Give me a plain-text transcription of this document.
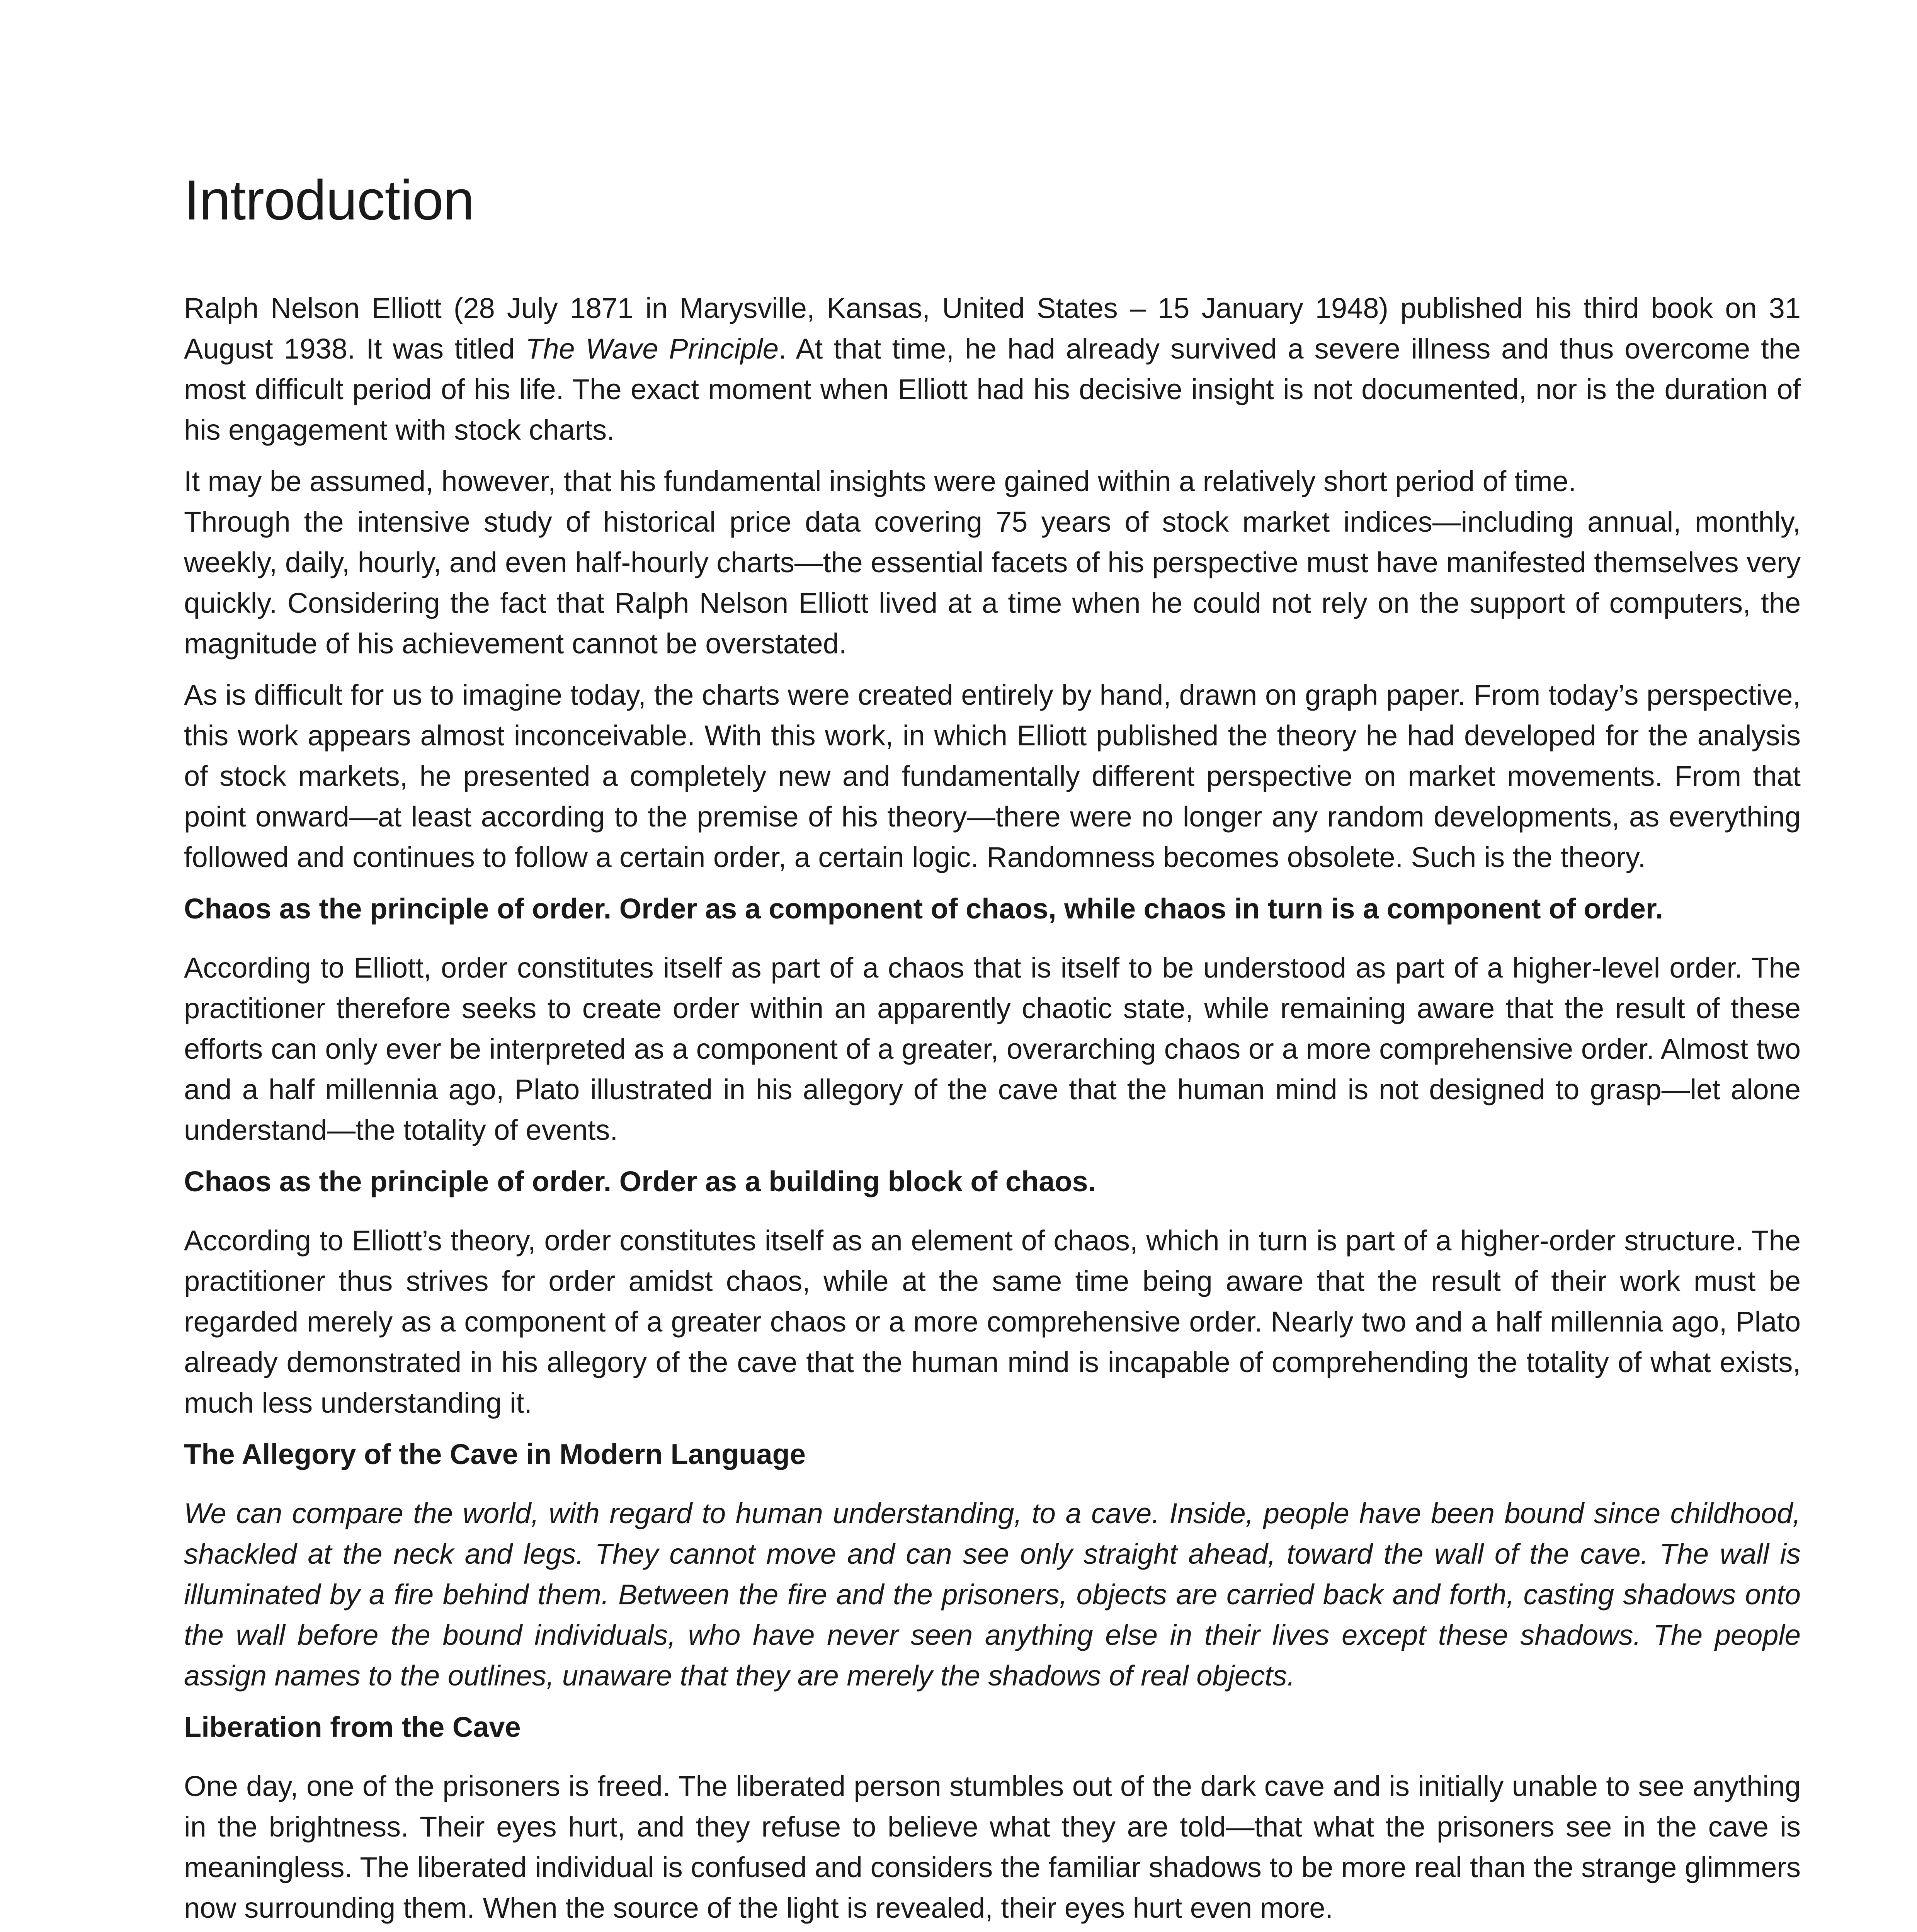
Introduction

Ralph Nelson Elliott (28 July 1871 in Marysville, Kansas, United States – 15 January 1948) published his third book on 31 August 1938. It was titled The Wave Principle. At that time, he had already survived a severe illness and thus overcome the most difficult period of his life. The exact moment when Elliott had his decisive insight is not documented, nor is the duration of his engagement with stock charts.

It may be assumed, however, that his fundamental insights were gained within a relatively short period of time.
Through the intensive study of historical price data covering 75 years of stock market indices—including annual, monthly, weekly, daily, hourly, and even half-hourly charts—the essential facets of his perspective must have manifested themselves very quickly. Considering the fact that Ralph Nelson Elliott lived at a time when he could not rely on the support of computers, the magnitude of his achievement cannot be overstated.

As is difficult for us to imagine today, the charts were created entirely by hand, drawn on graph paper. From today’s perspective, this work appears almost inconceivable. With this work, in which Elliott published the theory he had developed for the analysis of stock markets, he presented a completely new and fundamentally different perspective on market movements. From that point onward—at least according to the premise of his theory—there were no longer any random developments, as everything followed and continues to follow a certain order, a certain logic. Randomness becomes obsolete. Such is the theory.

Chaos as the principle of order. Order as a component of chaos, while chaos in turn is a component of order.

According to Elliott, order constitutes itself as part of a chaos that is itself to be understood as part of a higher-level order. The practitioner therefore seeks to create order within an apparently chaotic state, while remaining aware that the result of these efforts can only ever be interpreted as a component of a greater, overarching chaos or a more comprehensive order. Almost two and a half millennia ago, Plato illustrated in his allegory of the cave that the human mind is not designed to grasp—let alone understand—the totality of events.

Chaos as the principle of order. Order as a building block of chaos.

According to Elliott’s theory, order constitutes itself as an element of chaos, which in turn is part of a higher-order structure. The practitioner thus strives for order amidst chaos, while at the same time being aware that the result of their work must be regarded merely as a component of a greater chaos or a more comprehensive order. Nearly two and a half millennia ago, Plato already demonstrated in his allegory of the cave that the human mind is incapable of comprehending the totality of what exists, much less understanding it.

The Allegory of the Cave in Modern Language

We can compare the world, with regard to human understanding, to a cave. Inside, people have been bound since childhood, shackled at the neck and legs. They cannot move and can see only straight ahead, toward the wall of the cave. The wall is illuminated by a fire behind them. Between the fire and the prisoners, objects are carried back and forth, casting shadows onto the wall before the bound individuals, who have never seen anything else in their lives except these shadows. The people assign names to the outlines, unaware that they are merely the shadows of real objects.

Liberation from the Cave

One day, one of the prisoners is freed. The liberated person stumbles out of the dark cave and is initially unable to see anything in the brightness. Their eyes hurt, and they refuse to believe what they are told—that what the prisoners see in the cave is meaningless. The liberated individual is confused and considers the familiar shadows to be more real than the strange glimmers now surrounding them. When the source of the light is revealed, their eyes hurt even more.
